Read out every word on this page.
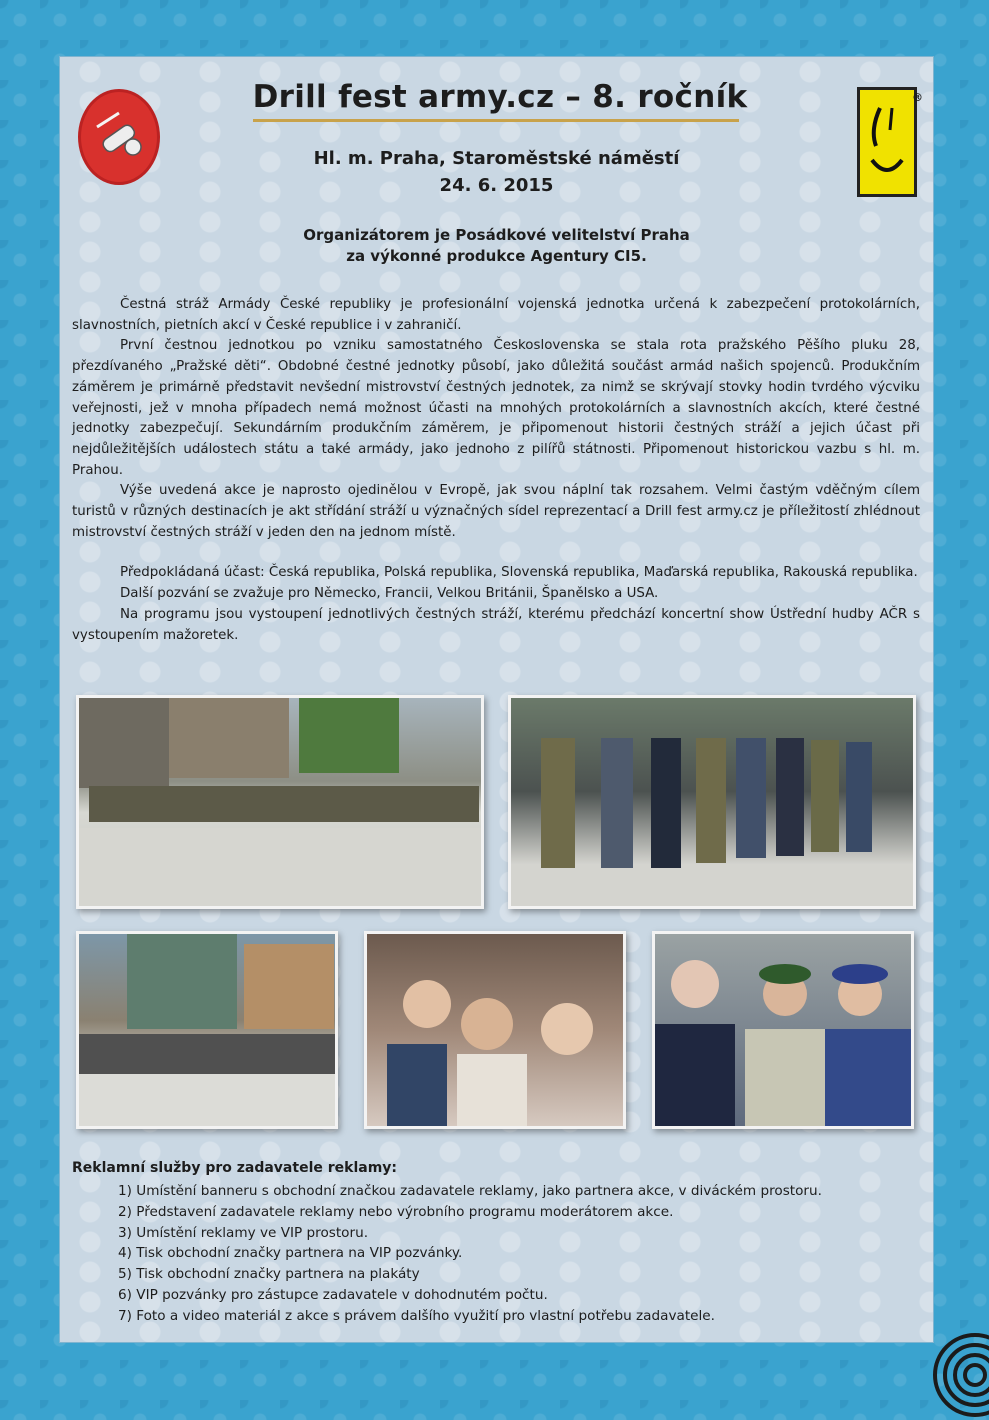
Drill fest army.cz – 8. ročník	®
Hl. m. Praha, Staroměstské náměstí
24. 6. 2015
Organizátorem je Posádkové velitelství Praha
za výkonné produkce Agentury CI5.

Čestná stráž Armády České republiky je profesionální vojenská jednotka určená k zabezpečení protokolárních, slavnostních, pietních akcí v České republice i v zahraničí.

První čestnou jednotkou po vzniku samostatného Československa se stala rota pražského Pěšího pluku 28, přezdívaného „Pražské děti“. Obdobné čestné jednotky působí, jako důležitá součást armád našich spojenců. Produkčním záměrem je primárně představit nevšední mistrovství čestných jednotek, za nimž se skrývají stovky hodin tvrdého výcviku veřejnosti, jež v mnoha případech nemá možnost účasti na mnohých protokolárních a slavnostních akcích, které čestné jednotky zabezpečují. Sekundárním produkčním záměrem, je připomenout historii čestných stráží a jejich účast při nejdůležitějších událostech státu a také armády, jako jednoho z pilířů státnosti. Připomenout historickou vazbu s hl. m. Prahou.

Výše uvedená akce je naprosto ojedinělou v Evropě, jak svou náplní tak rozsahem. Velmi častým vděčným cílem turistů v různých destinacích je akt střídání stráží u význačných sídel reprezentací a Drill fest army.cz je příležitostí zhlédnout mistrovství čestných stráží v jeden den na jednom místě.

Předpokládaná účast: Česká republika, Polská republika, Slovenská republika, Maďarská republika, Rakouská republika.

Další pozvání se zvažuje pro Německo, Francii, Velkou Británii, Španělsko a USA.

Na programu jsou vystoupení jednotlivých čestných stráží, kterému předchází koncertní show Ústřední hudby AČR s vystoupením mažoretek.

Reklamní služby pro zadavatele reklamy:
1) Umístění banneru s obchodní značkou zadavatele reklamy, jako partnera akce, v diváckém prostoru.
2) Představení zadavatele reklamy nebo výrobního programu moderátorem akce.
3) Umístění reklamy ve VIP prostoru.
4) Tisk obchodní značky partnera na VIP pozvánky.
5) Tisk obchodní značky partnera na plakáty
6) VIP pozvánky pro zástupce zadavatele v dohodnutém počtu.
7) Foto a video materiál z akce s právem dalšího využití pro vlastní potřebu zadavatele.
